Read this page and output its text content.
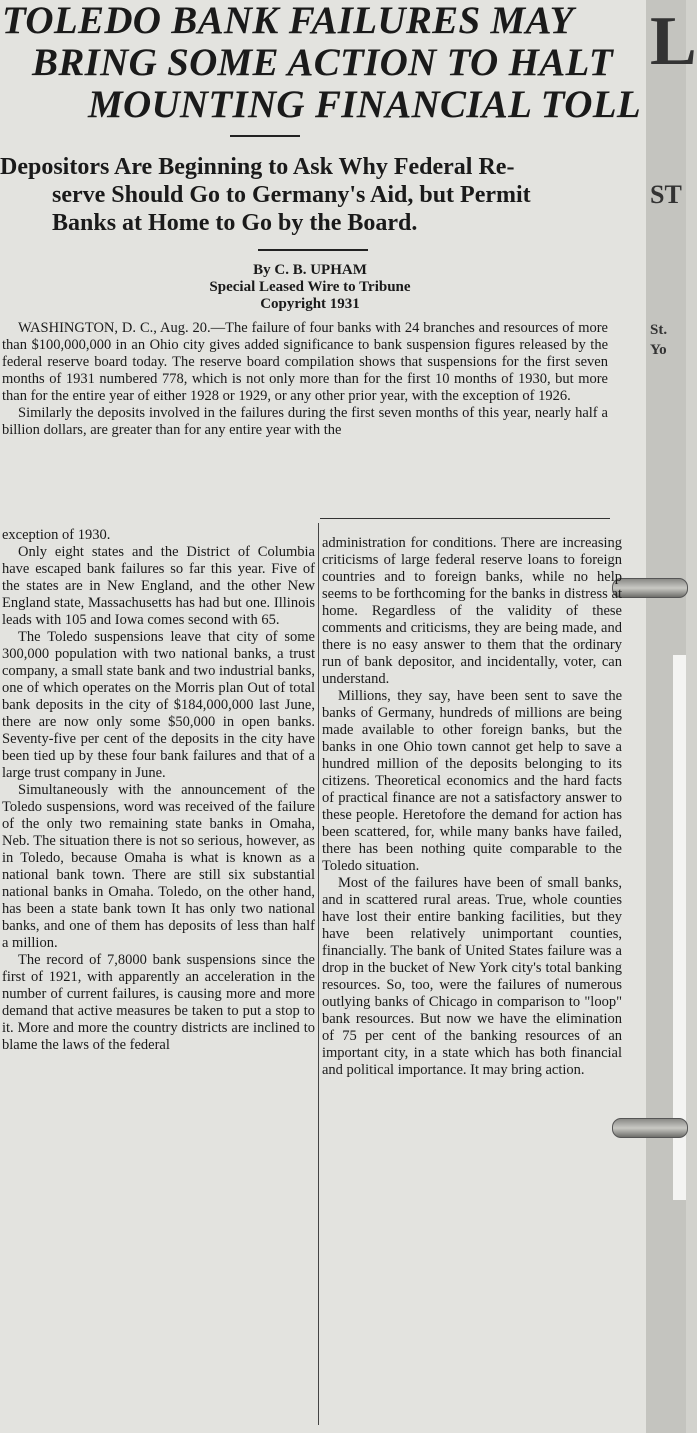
L
ST
St.
Yo
TOLEDO BANK FAILURES MAY
BRING SOME ACTION TO HALT
MOUNTING FINANCIAL TOLL
Depositors Are Beginning to Ask Why Federal Re-
serve Should Go to Germany's Aid, but Permit
Banks at Home to Go by the Board.
By C. B. UPHAM
Special Leased Wire to Tribune
Copyright 1931

WASHINGTON, D. C., Aug. 20.—The failure of four banks with 24 branches and resources of more than $100,000,000 in an Ohio city gives added significance to bank suspension figures released by the federal reserve board today. The reserve board compilation shows that suspensions for the first seven months of 1931 numbered 778, which is not only more than for the first 10 months of 1930, but more than for the entire year of either 1928 or 1929, or any other prior year, with the exception of 1926.

Similarly the deposits involved in the failures during the first seven months of this year, nearly half a billion dollars, are greater than for any entire year with the

exception of 1930.

Only eight states and the District of Columbia have escaped bank failures so far this year. Five of the states are in New England, and the other New England state, Massachusetts has had but one. Illinois leads with 105 and Iowa comes second with 65.

The Toledo suspensions leave that city of some 300,000 population with two national banks, a trust company, a small state bank and two industrial banks, one of which operates on the Morris plan Out of total bank deposits in the city of $184,000,000 last June, there are now only some $50,000 in open banks. Seventy-five per cent of the deposits in the city have been tied up by these four bank failures and that of a large trust company in June.

Simultaneously with the announcement of the Toledo suspensions, word was received of the failure of the only two remaining state banks in Omaha, Neb. The situation there is not so serious, however, as in Toledo, because Omaha is what is known as a national bank town. There are still six substantial national banks in Omaha. Toledo, on the other hand, has been a state bank town It has only two national banks, and one of them has deposits of less than half a million.

The record of 7,8000 bank suspensions since the first of 1921, with apparently an acceleration in the number of current failures, is causing more and more demand that active measures be taken to put a stop to it. More and more the country districts are inclined to blame the laws of the federal

administration for conditions. There are increasing criticisms of large federal reserve loans to foreign countries and to foreign banks, while no help seems to be forthcoming for the banks in distress at home. Regardless of the validity of these comments and criticisms, they are being made, and there is no easy answer to them that the ordinary run of bank depositor, and incidentally, voter, can understand.

Millions, they say, have been sent to save the banks of Germany, hundreds of millions are being made available to other foreign banks, but the banks in one Ohio town cannot get help to save a hundred million of the deposits belonging to its citizens. Theoretical economics and the hard facts of practical finance are not a satisfactory answer to these people. Heretofore the demand for action has been scattered, for, while many banks have failed, there has been nothing quite comparable to the Toledo situation.

Most of the failures have been of small banks, and in scattered rural areas. True, whole counties have lost their entire banking facilities, but they have been relatively unimportant counties, financially. The bank of United States failure was a drop in the bucket of New York city's total banking resources. So, too, were the failures of numerous outlying banks of Chicago in comparison to "loop" bank resources. But now we have the elimination of 75 per cent of the banking resources of an important city, in a state which has both financial and political importance. It may bring action.
